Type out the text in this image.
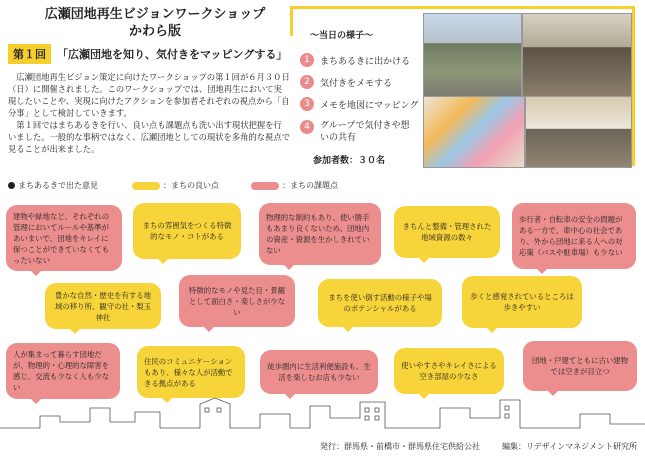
広瀬団地再生ビジョンワークショップ
かわら版
第１回	「広瀬団地を知り、気付きをマッピングする」

広瀬団地再生ビジョン策定に向けたワークショップの第１回が６月３０日（日）に開催されました。このワークショップでは、団地再生において実現したいことや、実現に向けたアクションを参加者それぞれの視点から「自分事」として検討していきます。

第１回ではまちあるきを行い、良い点も課題点も洗い出す現状把握を行いました。一般的な事柄ではなく、広瀬団地としての現状を多角的な視点で見ることが出来ました。

〜当日の様子〜
1	まちあるきに出かける
2	気付きをメモする
3	メモを地図にマッピング
4	グループで気付きや想いの共有
参加者数：３０名
まちあるきで出た意見	：まちの良い点	：まちの課題点
建物や緑地など、それぞれの管理においてルールや基準があいまいで、団地をキレイに保つことができていなくてもったいない
まちの雰囲気をつくる特徴的なモノ・コトがある
物理的な制約もあり、使い勝手もあまり良くないため、団地内の資産・資源を生かしきれていない
きちんと整備・管理された地域資源の数々
歩行者・自転車の安全の問題がある一方で、車中心の社会であり、外から団地に来る人への対応策（バスや駐車場）も少ない
豊かな自然・歴史を有する地域の移り所、観守の社・梨玉神社
特徴的なモノや見た目・景観として面白さ・楽しさが少ない
まちを使い倒す活動の様子や場のポテンシャルがある
歩くと感覚されているところは歩きやすい
人が集まって暮らす団地だが、物理的・心理的な障害を感じ、交流も少なく人も少ない
住民のコミュニケーションもあり、様々な人が活動できる拠点がある
徒歩圏内に生活利便施設も、生活を楽しむお店も少ない
使いやすさやキレイさによる空き部屋の少なさ
団地・戸建てともに古い建物では空きが目立つ
発行：群馬県・前橋市・群馬県住宅供給公社	編集：リデザインマネジメント研究所
